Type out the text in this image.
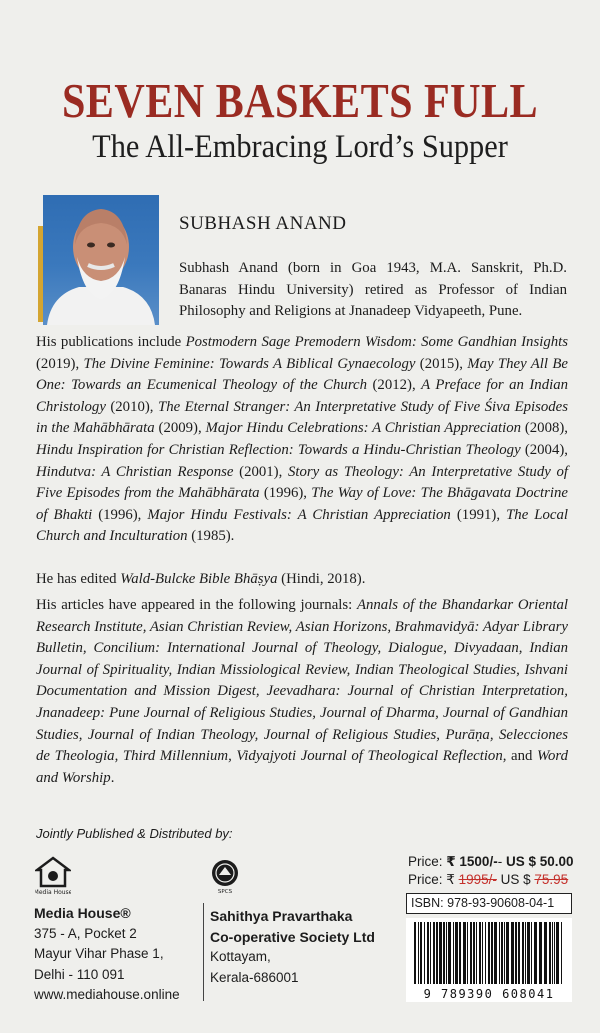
SEVEN BASKETS FULL
The All-Embracing Lord’s Supper
SUBHASH ANAND
Subhash Anand (born in Goa 1943, M.A. Sanskrit, Ph.D. Banaras Hindu University) retired as Professor of Indian Philosophy and Religions at Jnanadeep Vidyapeeth, Pune.
His publications include Postmodern Sage Premodern Wisdom: Some Gandhian Insights (2019), The Divine Feminine: Towards A Biblical Gynaecology (2015), May They All Be One: Towards an Ecumenical Theology of the Church (2012), A Preface for an Indian Christology (2010), The Eternal Stranger: An Interpretative Study of Five Śiva Episodes in the Mahābhārata (2009), Major Hindu Celebrations: A Christian Appreciation (2008), Hindu Inspiration for Christian Reflection: Towards a Hindu-Christian Theology (2004), Hindutva: A Christian Response (2001), Story as Theology: An Interpretative Study of Five Episodes from the Mahābhārata (1996), The Way of Love: The Bhāgavata Doctrine of Bhakti (1996), Major Hindu Festivals: A Christian Appreciation (1991), The Local Church and Inculturation (1985).
He has edited Wald-Bulcke Bible Bhāṣya (Hindi, 2018).
His articles have appeared in the following journals: Annals of the Bhandarkar Oriental Research Institute, Asian Christian Review, Asian Horizons, Brahmavidyā: Adyar Library Bulletin, Concilium: International Journal of Theology, Dialogue, Divyadaan, Indian Journal of Spirituality, Indian Missiological Review, Indian Theological Studies, Ishvani Documentation and Mission Digest, Jeevadhara: Journal of Christian Interpretation, Jnanadeep: Pune Journal of Religious Studies, Journal of Dharma, Journal of Gandhian Studies, Journal of Indian Theology, Journal of Religious Studies, Purāṇa, Selecciones de Theologia, Third Millennium, Vidyajyoti Journal of Theological Reflection, and Word and Worship.
Jointly Published & Distributed by:
Media House	SPCS
Media House®
375 - A, Pocket 2
Mayur Vihar Phase 1,
Delhi - 110 091
www.mediahouse.online
Sahithya Pravarthaka
Co-operative Society Ltd
Kottayam,
Kerala-686001
Price: ₹ 1500/-- US $ 50.00
Price: ₹ 1995/- US $ 75.95
ISBN: 978-93-90608-04-1
9 789390 608041
